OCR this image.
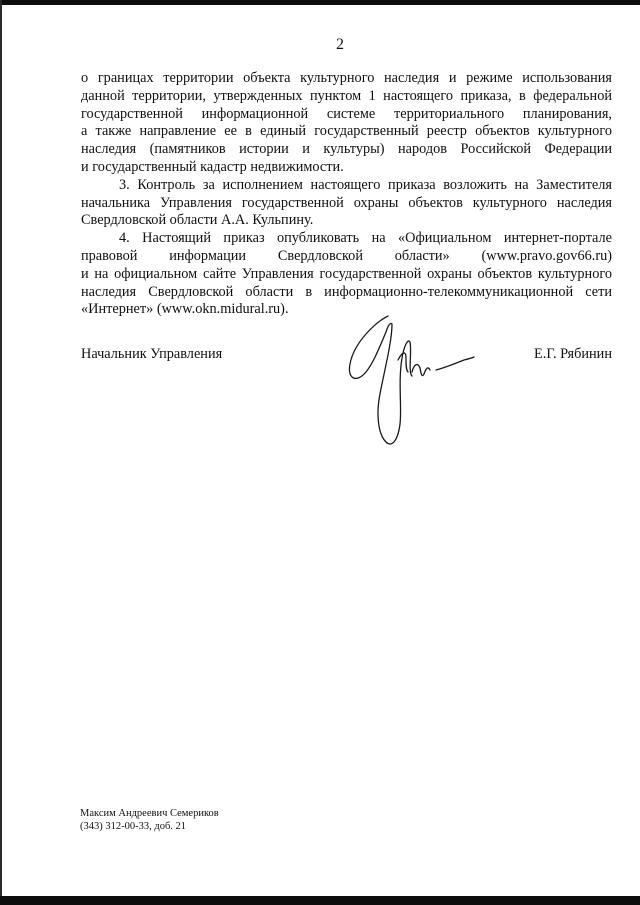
2
о границах территории объекта культурного наследия и режиме использования
данной территории, утвержденных пунктом 1 настоящего приказа, в федеральной
государственной информационной системе территориального планирования,
а также направление ее в единый государственный реестр объектов культурного
наследия (памятников истории и культуры) народов Российской Федерации
и государственный кадастр недвижимости.
3. Контроль за исполнением настоящего приказа возложить на Заместителя
начальника Управления государственной охраны объектов культурного наследия
Свердловской области А.А. Кульпину.
4. Настоящий приказ опубликовать на «Официальном интернет-портале
правовой информации Свердловской области» (www.pravo.gov66.ru)
и на официальном сайте Управления государственной охраны объектов культурного
наследия Свердловской области в информационно-телекоммуникационной сети
«Интернет» (www.okn.midural.ru).
Начальник Управления	Е.Г. Рябинин
Максим Андреевич Семериков
(343) 312-00-33, доб. 21
